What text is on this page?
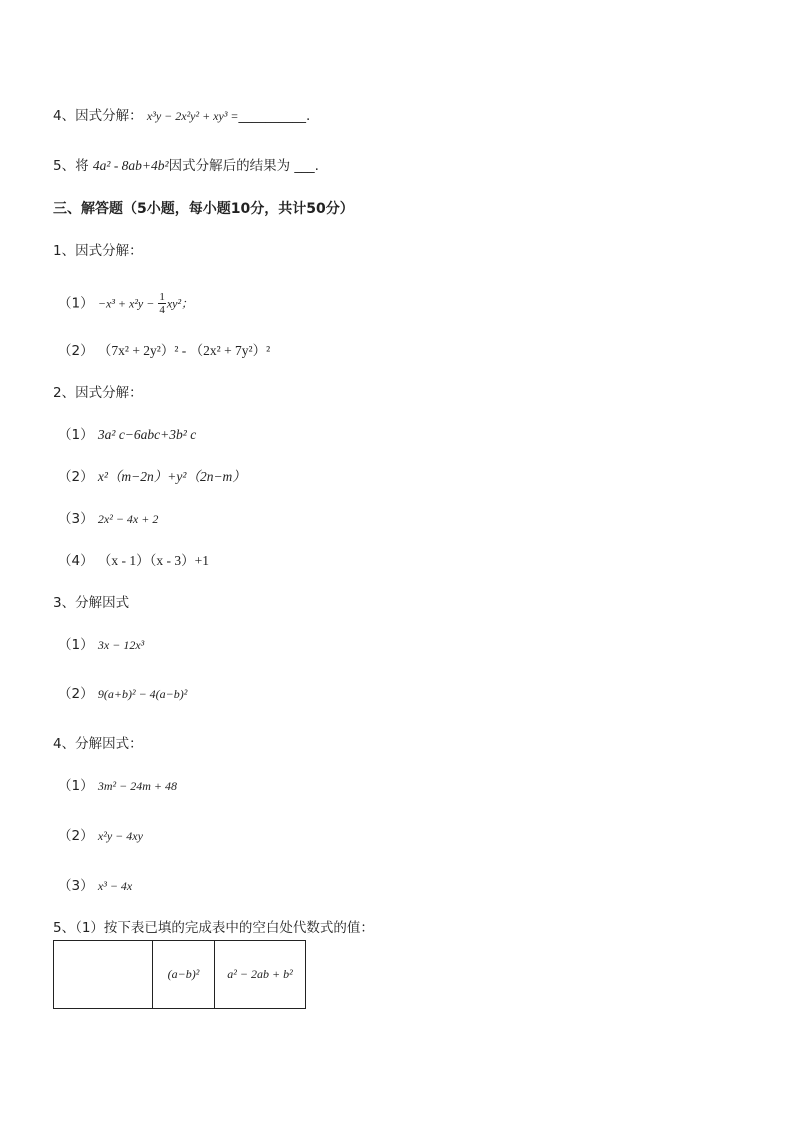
4、因式分解： x³y − 2x²y² + xy³ =__________.
5、将 4a² - 8ab+4b²因式分解后的结果为 ___.
三、解答题（5小题，每小题10分，共计50分）
1、因式分解：
$(1) -x^3 + x^2y - \frac{1}{4} xy^2$；
（2） （7x² + 2y²）² - （2x² + 7y²）²
2、因式分解：
（1） 3a² c−6abc+3b² c
（2） x²（m−2n）+y²（2n−m）
（3） 2x² − 4x + 2
（4） （x - 1）（x - 3）+1
3、分解因式
（1） 3x − 12x³
（2） 9(a+b)² − 4(a−b)²
4、分解因式：
（1） 3m² − 24m + 48
（2） x²y − 4xy
（3） x³ − 4x
5、（1）按下表已填的完成表中的空白处代数式的值：
	(a−b)²	a² − 2ab + b²
